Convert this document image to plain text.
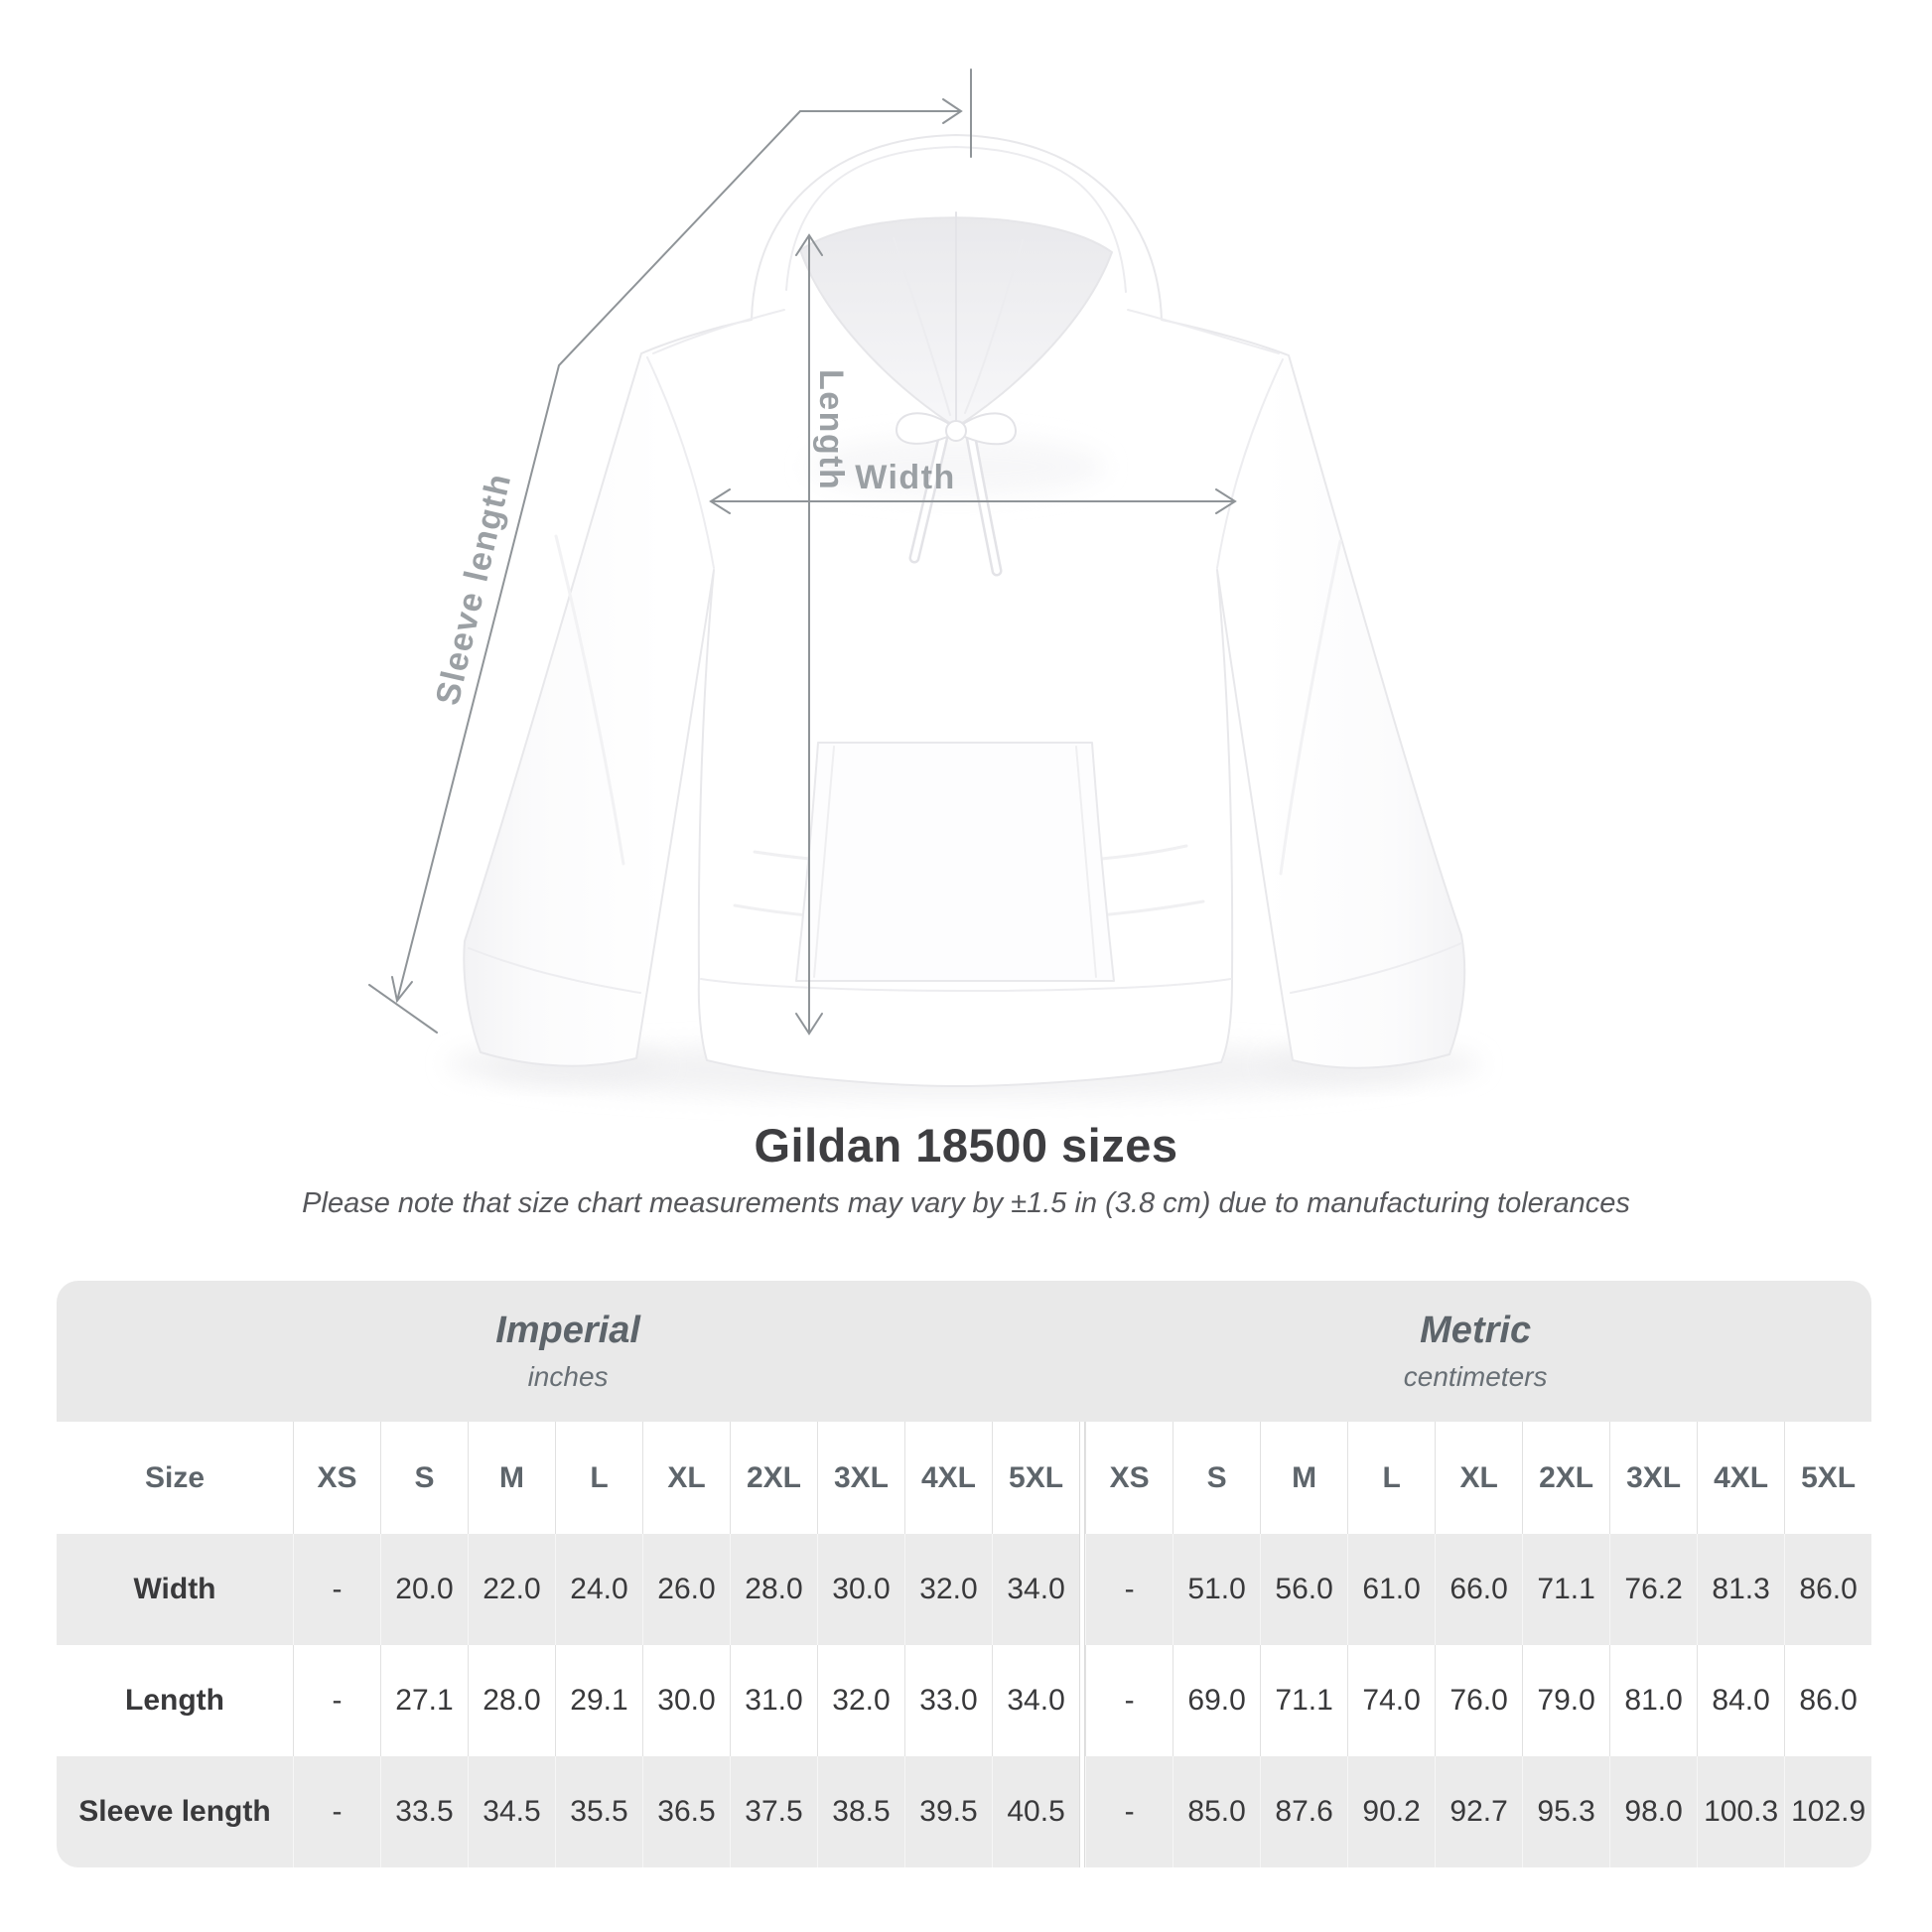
Width
Length
Sleeve length
Gildan 18500 sizes
Please note that size chart measurements may vary by ±1.5 in (3.8 cm) due to manufacturing tolerances
Imperial
inches

Metric
centimeters

Size	XS	S	M	L	XL	2XL	3XL	4XL	5XL		XS	S	M	L	XL	2XL	3XL	4XL	5XL
Width	-	20.0	22.0	24.0	26.0	28.0	30.0	32.0	34.0		-	51.0	56.0	61.0	66.0	71.1	76.2	81.3	86.0
Length	-	27.1	28.0	29.1	30.0	31.0	32.0	33.0	34.0		-	69.0	71.1	74.0	76.0	79.0	81.0	84.0	86.0
Sleeve length	-	33.5	34.5	35.5	36.5	37.5	38.5	39.5	40.5		-	85.0	87.6	90.2	92.7	95.3	98.0	100.3	102.9
